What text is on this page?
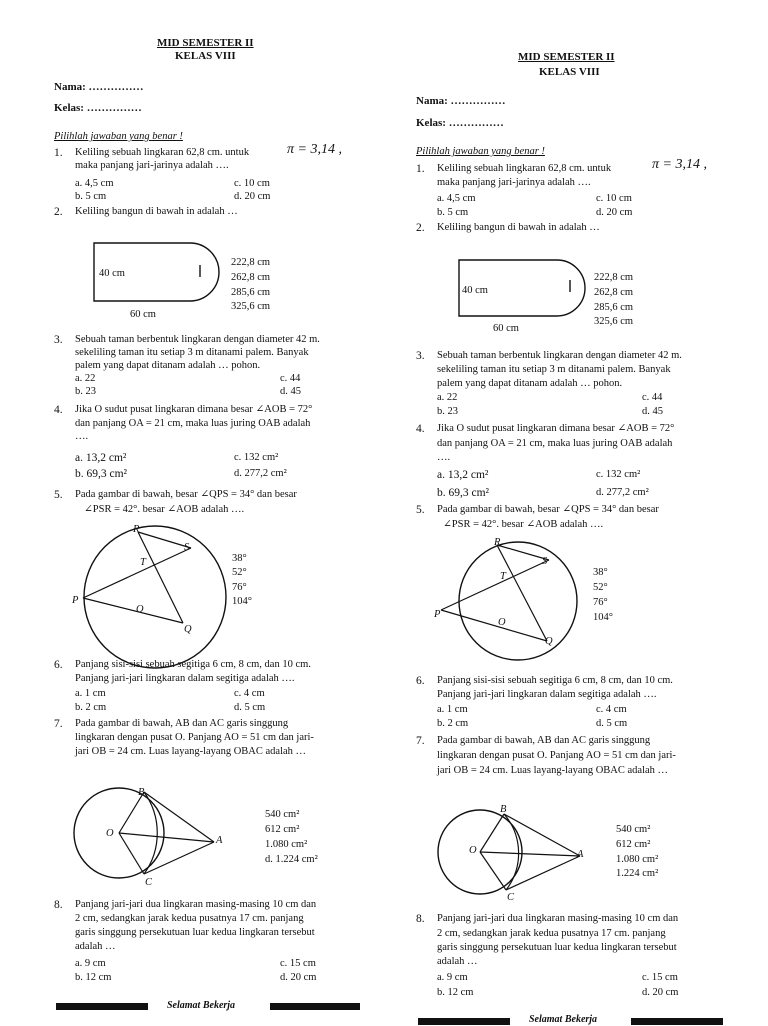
MID SEMESTER II
KELAS VIII
Nama: ……………
Kelas: ……………
Pilihlah jawaban yang benar !
1. Keliling sebuah lingkaran 62,8 cm. untuk	π = 3,14 ,
maka panjang jari-jarinya adalah ….
a. 4,5 cm
b. 5 cm
c. 10 cm
d. 20 cm
2. Keliling bangun di bawah in adalah …
40 cm
60 cm
222,8 cm
262,8 cm
285,6 cm
325,6 cm
3. Sebuah taman berbentuk lingkaran dengan diameter 42 m.
sekeliling taman itu setiap 3 m ditanami palem. Banyak
palem yang dapat ditanam adalah … pohon.
a. 22
b. 23
c. 44
d. 45
4. Jika O sudut pusat lingkaran dimana besar ∠AOB = 72°
dan panjang OA = 21 cm, maka luas juring OAB adalah
….
a. 13,2 cm²
b. 69,3 cm²
c. 132 cm²
d. 277,2 cm²
5. Pada gambar di bawah, besar ∠QPS = 34° dan besar
∠PSR = 42°. besar ∠AOB adalah ….
R
S
T
P
O
Q
38°
52°
76°
104°
6. Panjang sisi-sisi sebuah segitiga 6 cm, 8 cm, dan 10 cm.
Panjang jari-jari lingkaran dalam segitiga adalah ….
a. 1 cm
b. 2 cm
c. 4 cm
d. 5 cm
7. Pada gambar di bawah, AB dan AC garis singgung
lingkaran dengan pusat O. Panjang AO = 51 cm dan jari-
jari OB = 24 cm. Luas layang-layang OBAC adalah …
B
O
A
C
540 cm²
612 cm²
1.080 cm²
d. 1.224 cm²
8. Panjang jari-jari dua lingkaran masing-masing 10 cm dan
2 cm, sedangkan jarak kedua pusatnya 17 cm. panjang
garis singgung persekutuan luar kedua lingkaran tersebut
adalah …
a. 9 cm
b. 12 cm
c. 15 cm
d. 20 cm
Selamat Bekerja
MID SEMESTER II
KELAS VIII
Nama: ……………
Kelas: ……………
Pilihlah jawaban yang benar !
1. Keliling sebuah lingkaran 62,8 cm. untuk	π = 3,14 ,
maka panjang jari-jarinya adalah ….
a. 4,5 cm
b. 5 cm
c. 10 cm
d. 20 cm
2. Keliling bangun di bawah in adalah …
40 cm
60 cm
222,8 cm
262,8 cm
285,6 cm
325,6 cm
3. Sebuah taman berbentuk lingkaran dengan diameter 42 m.
sekeliling taman itu setiap 3 m ditanami palem. Banyak
palem yang dapat ditanam adalah … pohon.
a. 22
b. 23
c. 44
d. 45
4. Jika O sudut pusat lingkaran dimana besar ∠AOB = 72°
dan panjang OA = 21 cm, maka luas juring OAB adalah
….
a. 13,2 cm²
b. 69,3 cm²
c. 132 cm²
d. 277,2 cm²
5. Pada gambar di bawah, besar ∠QPS = 34° dan besar
∠PSR = 42°. besar ∠AOB adalah ….
R
S
T
P
O
Q
38°
52°
76°
104°
6. Panjang sisi-sisi sebuah segitiga 6 cm, 8 cm, dan 10 cm.
Panjang jari-jari lingkaran dalam segitiga adalah ….
a. 1 cm
b. 2 cm
c. 4 cm
d. 5 cm
7. Pada gambar di bawah, AB dan AC garis singgung
lingkaran dengan pusat O. Panjang AO = 51 cm dan jari-
jari OB = 24 cm. Luas layang-layang OBAC adalah …
B
O	A
C
540 cm²
612 cm²
1.080 cm²
1.224 cm²
8. Panjang jari-jari dua lingkaran masing-masing 10 cm dan
2 cm, sedangkan jarak kedua pusatnya 17 cm. panjang
garis singgung persekutuan luar kedua lingkaran tersebut
adalah …
a. 9 cm
b. 12 cm
c. 15 cm
d. 20 cm
Selamat Bekerja
